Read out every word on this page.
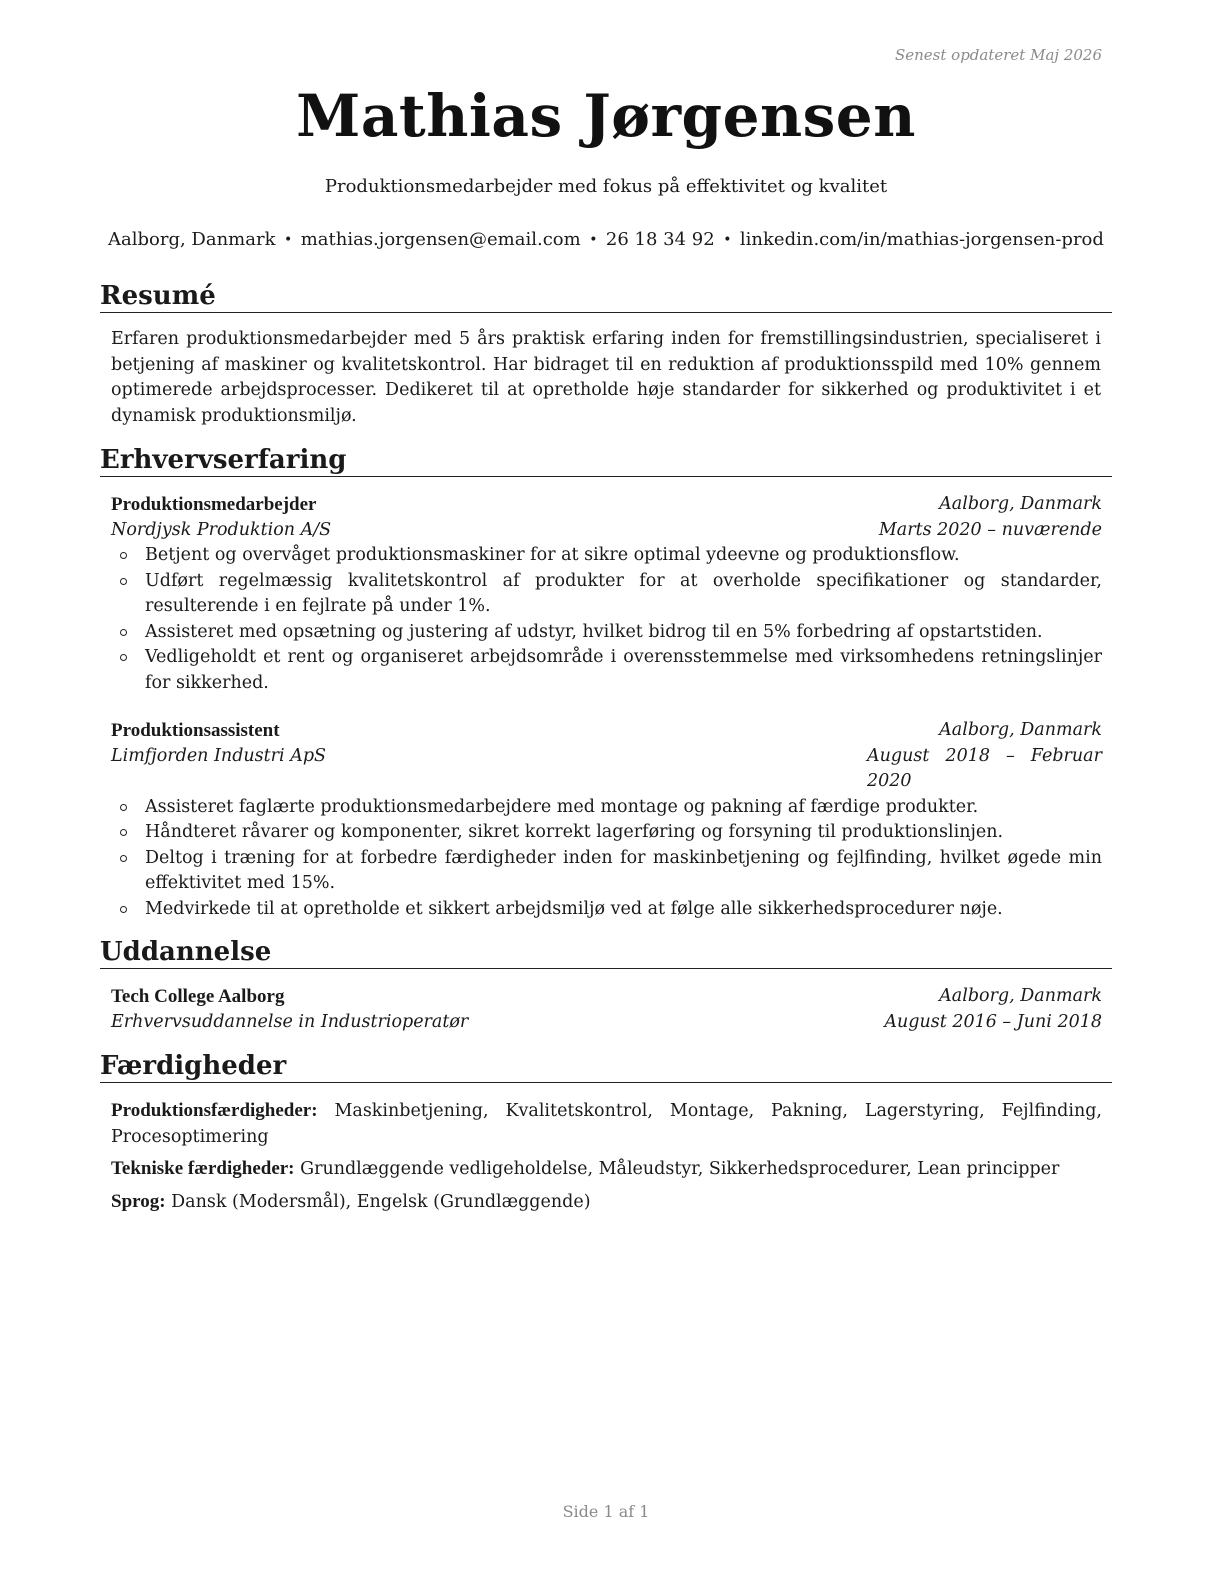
Senest opdateret Maj 2026
Mathias Jørgensen
Produktionsmedarbejder med fokus på effektivitet og kvalitet
Aalborg, Danmark • mathias.jorgensen@email.com • 26 18 34 92 • linkedin.com/in/mathias-jorgensen-prod
Resumé

Erfaren produktionsmedarbejder med 5 års praktisk erfaring inden for fremstillingsindustrien, specialiseret i betjening af maskiner og kvalitetskontrol. Har bidraget til en reduktion af produktionsspild med 10% gennem optimerede arbejdsprocesser. Dedikeret til at opretholde høje standarder for sikkerhed og produktivitet i et dynamisk produktionsmiljø.

Erhvervserfaring
Produktionsmedarbejder	Aalborg, Danmark
Nordjysk Produktion A/S	Marts 2020 – nuværende
Betjent og overvåget produktionsmaskiner for at sikre optimal ydeevne og produktionsflow.
Udført regelmæssig kvalitetskontrol af produkter for at overholde specifikationer og standarder, resulterende i en fejlrate på under 1%.
Assisteret med opsætning og justering af udstyr, hvilket bidrog til en 5% forbedring af opstartstiden.
Vedligeholdt et rent og organiseret arbejdsområde i overensstemmelse med virksomhedens retningslinjer for sikkerhed.
Produktionsassistent	Aalborg, Danmark
Limfjorden Industri ApS	August 2018 – Februar 2020
Assisteret faglærte produktionsmedarbejdere med montage og pakning af færdige produkter.
Håndteret råvarer og komponenter, sikret korrekt lagerføring og forsyning til produktionslinjen.
Deltog i træning for at forbedre færdigheder inden for maskinbetjening og fejlfinding, hvilket øgede min effektivitet med 15%.
Medvirkede til at opretholde et sikkert arbejdsmiljø ved at følge alle sikkerhedsprocedurer nøje.
Uddannelse
Tech College Aalborg	Aalborg, Danmark
Erhvervsuddannelse in Industrioperatør	August 2016 – Juni 2018
Færdigheder
Produktionsfærdigheder: Maskinbetjening, Kvalitetskontrol, Montage, Pakning, Lagerstyring, Fejlfinding, Procesoptimering
Tekniske færdigheder: Grundlæggende vedligeholdelse, Måleudstyr, Sikkerhedsprocedurer, Lean principper
Sprog: Dansk (Modersmål), Engelsk (Grundlæggende)
Side 1 af 1
